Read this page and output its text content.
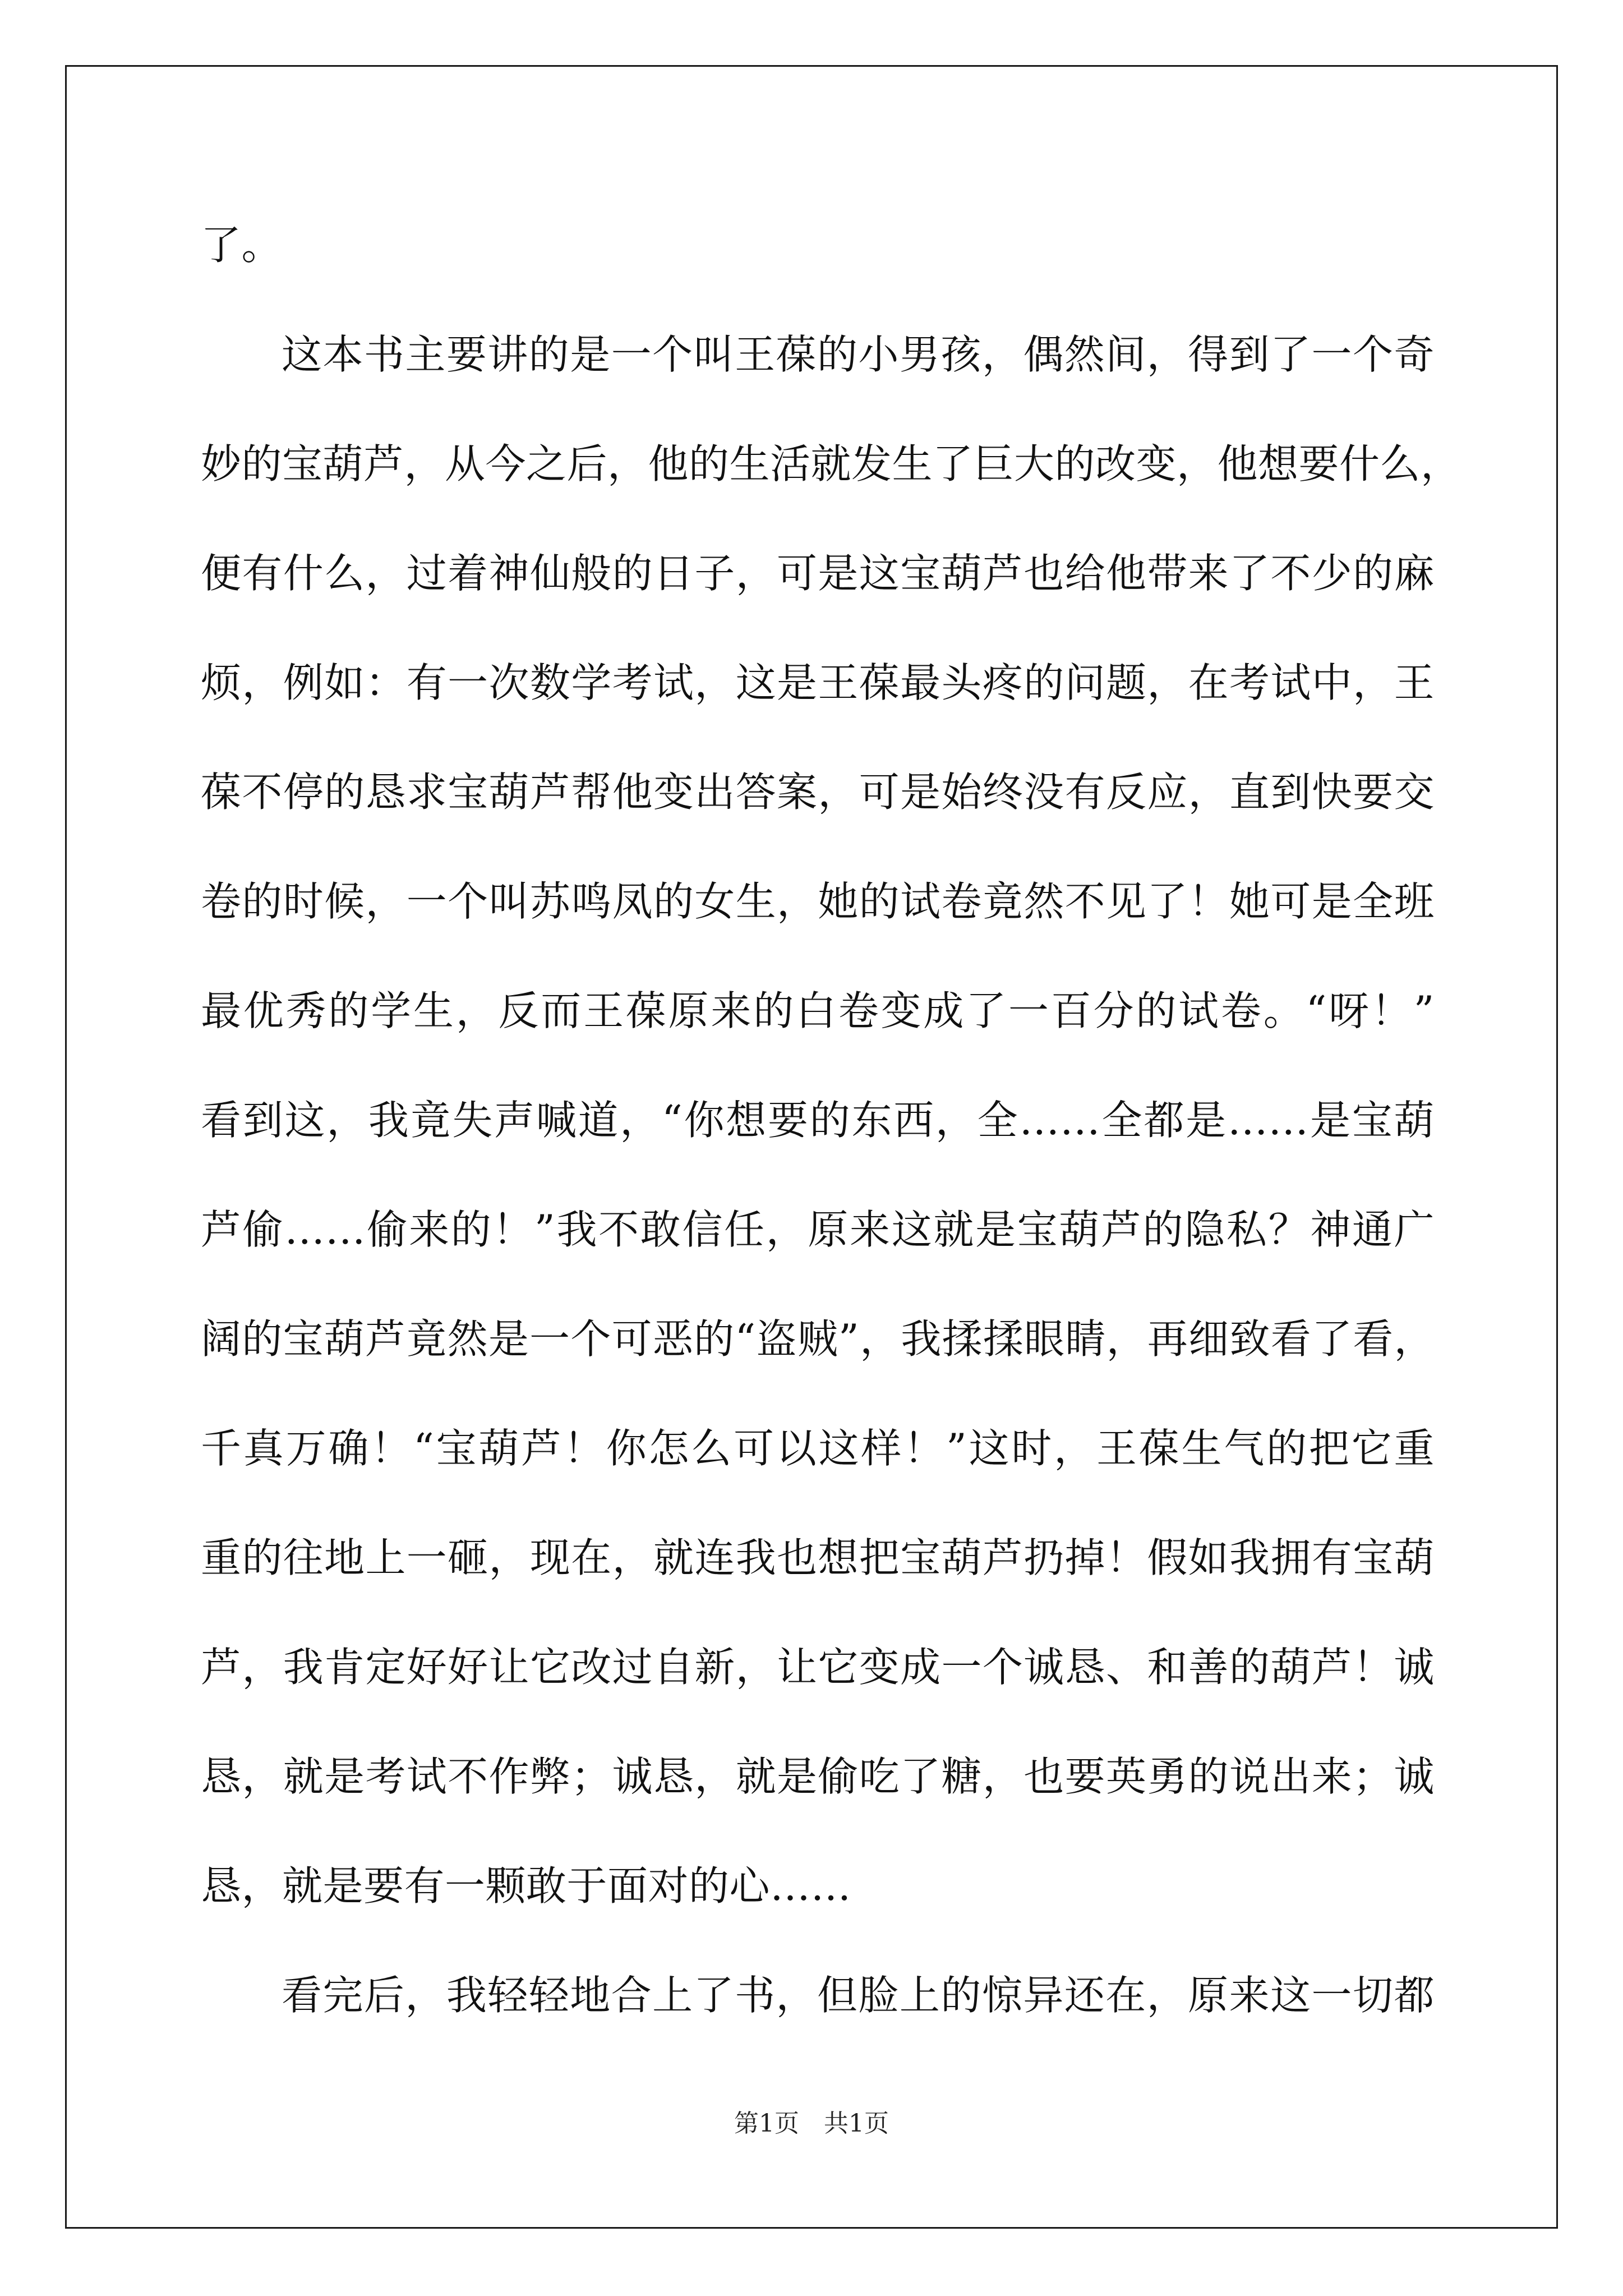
了。

这本书主要讲的是一个叫王葆的小男孩，偶然间，得到了一个奇

妙的宝葫芦，从今之后，他的生活就发生了巨大的改变，他想要什么，

便有什么，过着神仙般的日子，可是这宝葫芦也给他带来了不少的麻

烦，例如：有一次数学考试，这是王葆最头疼的问题，在考试中，王

葆不停的恳求宝葫芦帮他变出答案，可是始终没有反应，直到快要交

卷的时候，一个叫苏鸣凤的女生，她的试卷竟然不见了！她可是全班

最优秀的学生，反而王葆原来的白卷变成了一百分的试卷。“呀！”

看到这，我竟失声喊道，“你想要的东西，全……全都是……是宝葫

芦偷……偷来的！”我不敢信任，原来这就是宝葫芦的隐私？神通广

阔的宝葫芦竟然是一个可恶的“盗贼”，我揉揉眼睛，再细致看了看，

千真万确！“宝葫芦！你怎么可以这样！”这时，王葆生气的把它重

重的往地上一砸，现在，就连我也想把宝葫芦扔掉！假如我拥有宝葫

芦，我肯定好好让它改过自新，让它变成一个诚恳、和善的葫芦！诚

恳，就是考试不作弊；诚恳，就是偷吃了糖，也要英勇的说出来；诚

恳，就是要有一颗敢于面对的心……

看完后，我轻轻地合上了书，但脸上的惊异还在，原来这一切都

第1页　共1页
